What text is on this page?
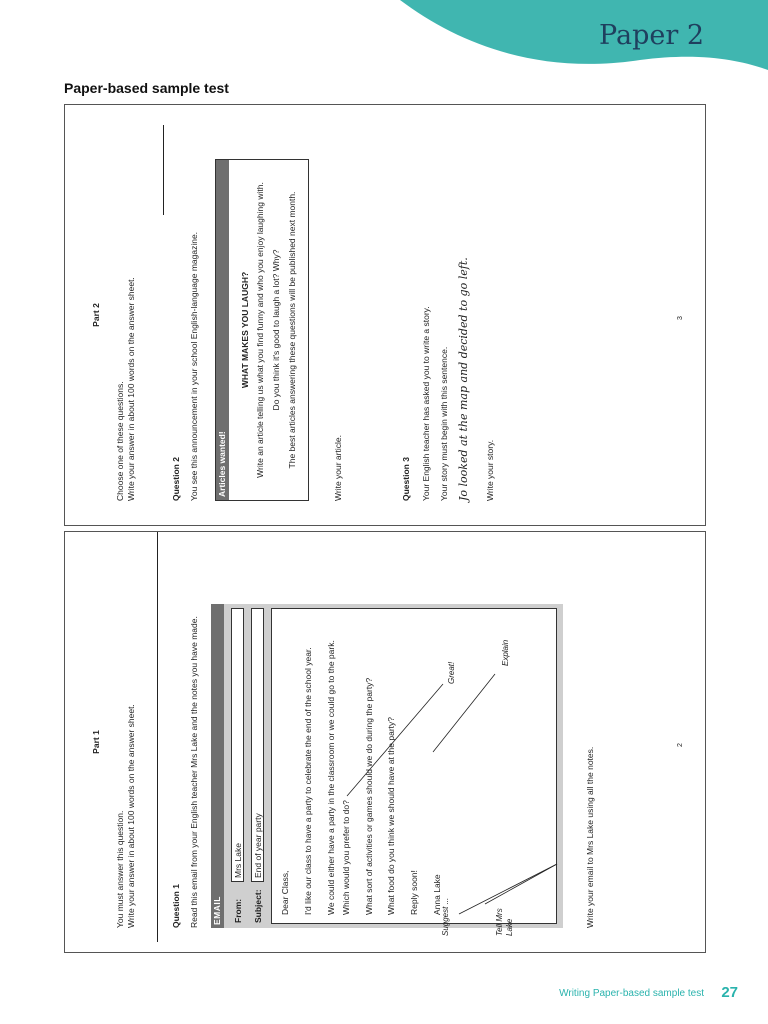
Paper 2
Paper-based sample test
Part 2

Choose one of these questions. Write your answer in about 100 words on the answer sheet.	Question 2 You see this announcement in your school English-language magazine. Articles wanted!

WHAT MAKES YOU LAUGH? Write an article telling us what you find funny and who you enjoy laughing with. Do you think it's good to laugh a lot? Why? The best articles answering these questions will be published next month.	Write your article.	Question 3 Your English teacher has asked you to write a story. Your story must begin with this sentence. Jo looked at the map and decided to go left. Write your story.
3
Part 1

You must answer this question. Write your answer in about 100 words on the answer sheet.	Question 1 Read this email from your English teacher Mrs Lake and the notes you have made. EMAIL From:
Mrs Lake
Subject:
End of year party

Dear Class,	I'd like our class to have a party to celebrate the end of the school year.	We could either have a party in the classroom or we could go to the park. Which would you prefer to do?	What sort of activities or games should we do during the party?	What food do you think we should have at the party?	Reply soon!	Anna Lake

Great!
Explain
Suggest ...	Tell Mrs Lake	Write your email to Mrs Lake using all the notes.
2
Writing Paper-based sample test 27
